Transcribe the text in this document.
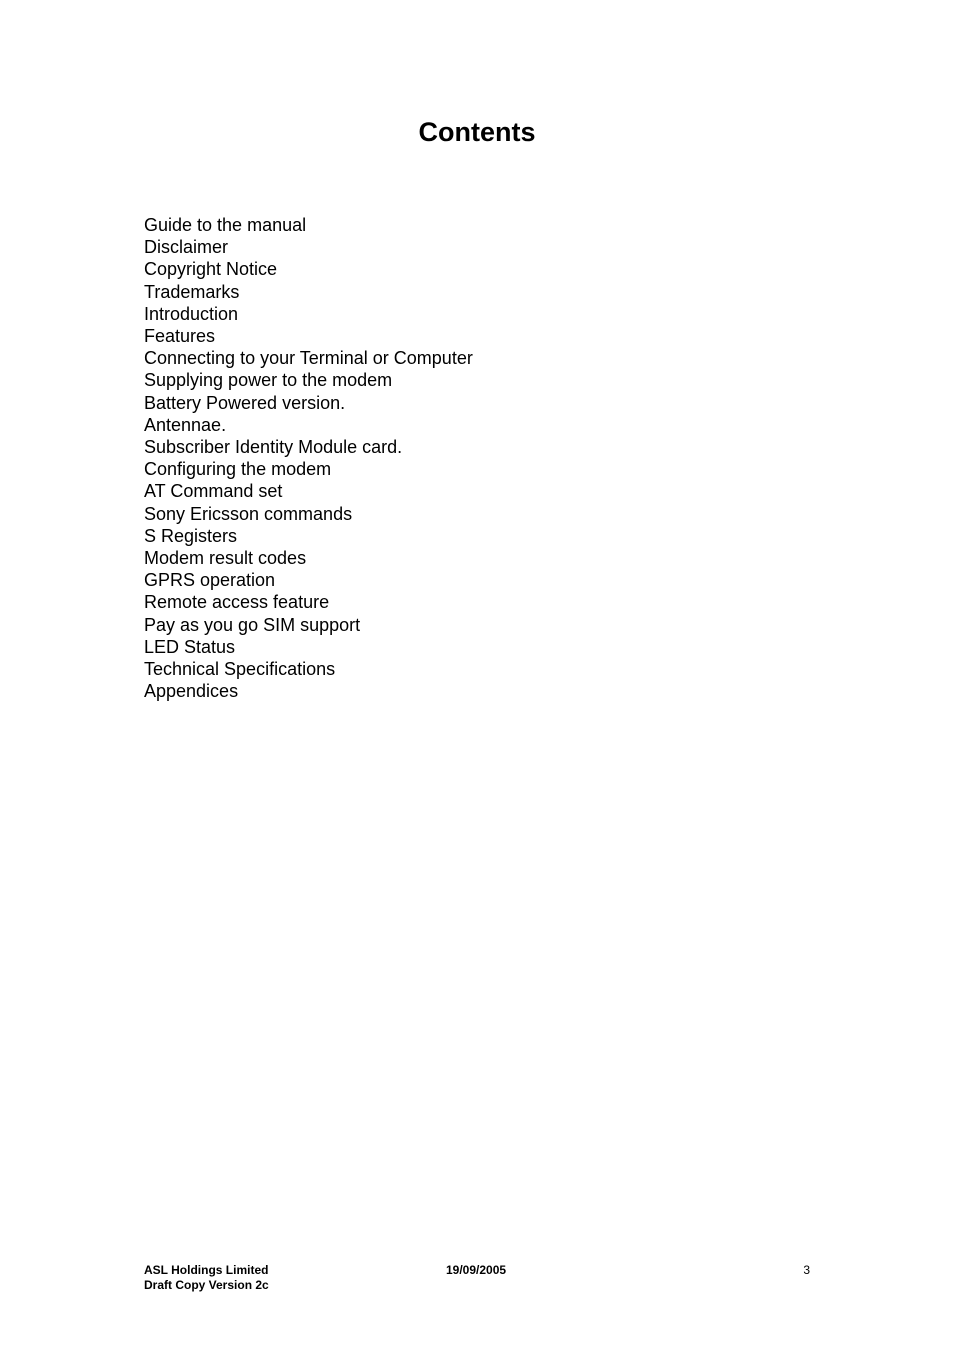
Contents
Guide to the manual
Disclaimer
Copyright Notice
Trademarks
Introduction
Features
Connecting to your Terminal or Computer
Supplying power to the modem
Battery Powered version.
Antennae.
Subscriber Identity Module card.
Configuring the modem
AT Command set
Sony Ericsson commands
S Registers
Modem result codes
GPRS operation
Remote access feature
Pay as you go SIM support
LED Status
Technical Specifications
Appendices
ASL Holdings Limited
Draft Copy Version 2c
19/09/2005	3
